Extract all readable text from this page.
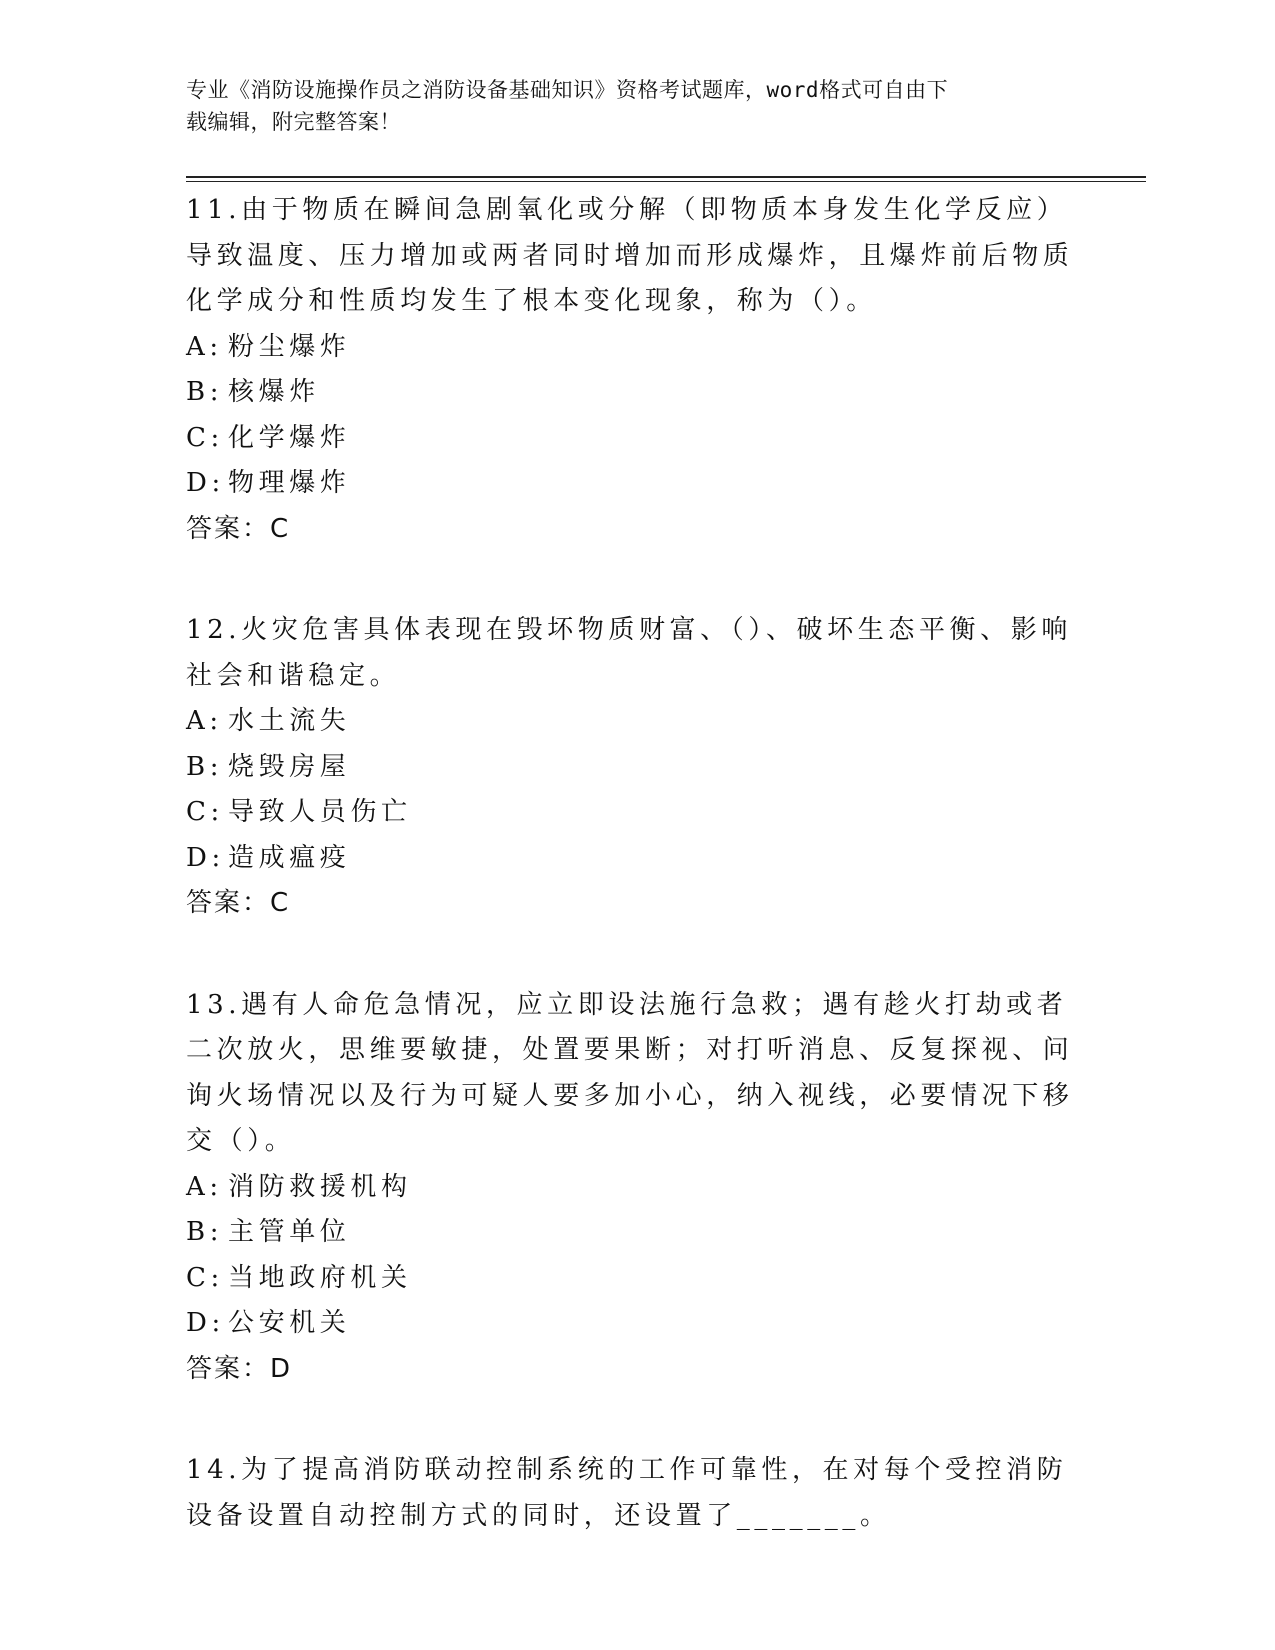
专业《消防设施操作员之消防设备基础知识》资格考试题库，word格式可自由下
载编辑，附完整答案！

11.由于物质在瞬间急剧氧化或分解（即物质本身发生化学反应）导致温度、压力增加或两者同时增加而形成爆炸，且爆炸前后物质化学成分和性质均发生了根本变化现象，称为（）。

A: 粉尘爆炸

B: 核爆炸

C: 化学爆炸

D: 物理爆炸

答案：C

12.火灾危害具体表现在毁坏物质财富、（）、破坏生态平衡、影响社会和谐稳定。

A: 水土流失

B: 烧毁房屋

C: 导致人员伤亡

D: 造成瘟疫

答案：C

13.遇有人命危急情况，应立即设法施行急救；遇有趁火打劫或者二次放火，思维要敏捷，处置要果断；对打听消息、反复探视、问询火场情况以及行为可疑人要多加小心，纳入视线，必要情况下移交（）。

A: 消防救援机构

B: 主管单位

C: 当地政府机关

D: 公安机关

答案：D

14.为了提高消防联动控制系统的工作可靠性，在对每个受控消防设备设置自动控制方式的同时，还设置了_______。
